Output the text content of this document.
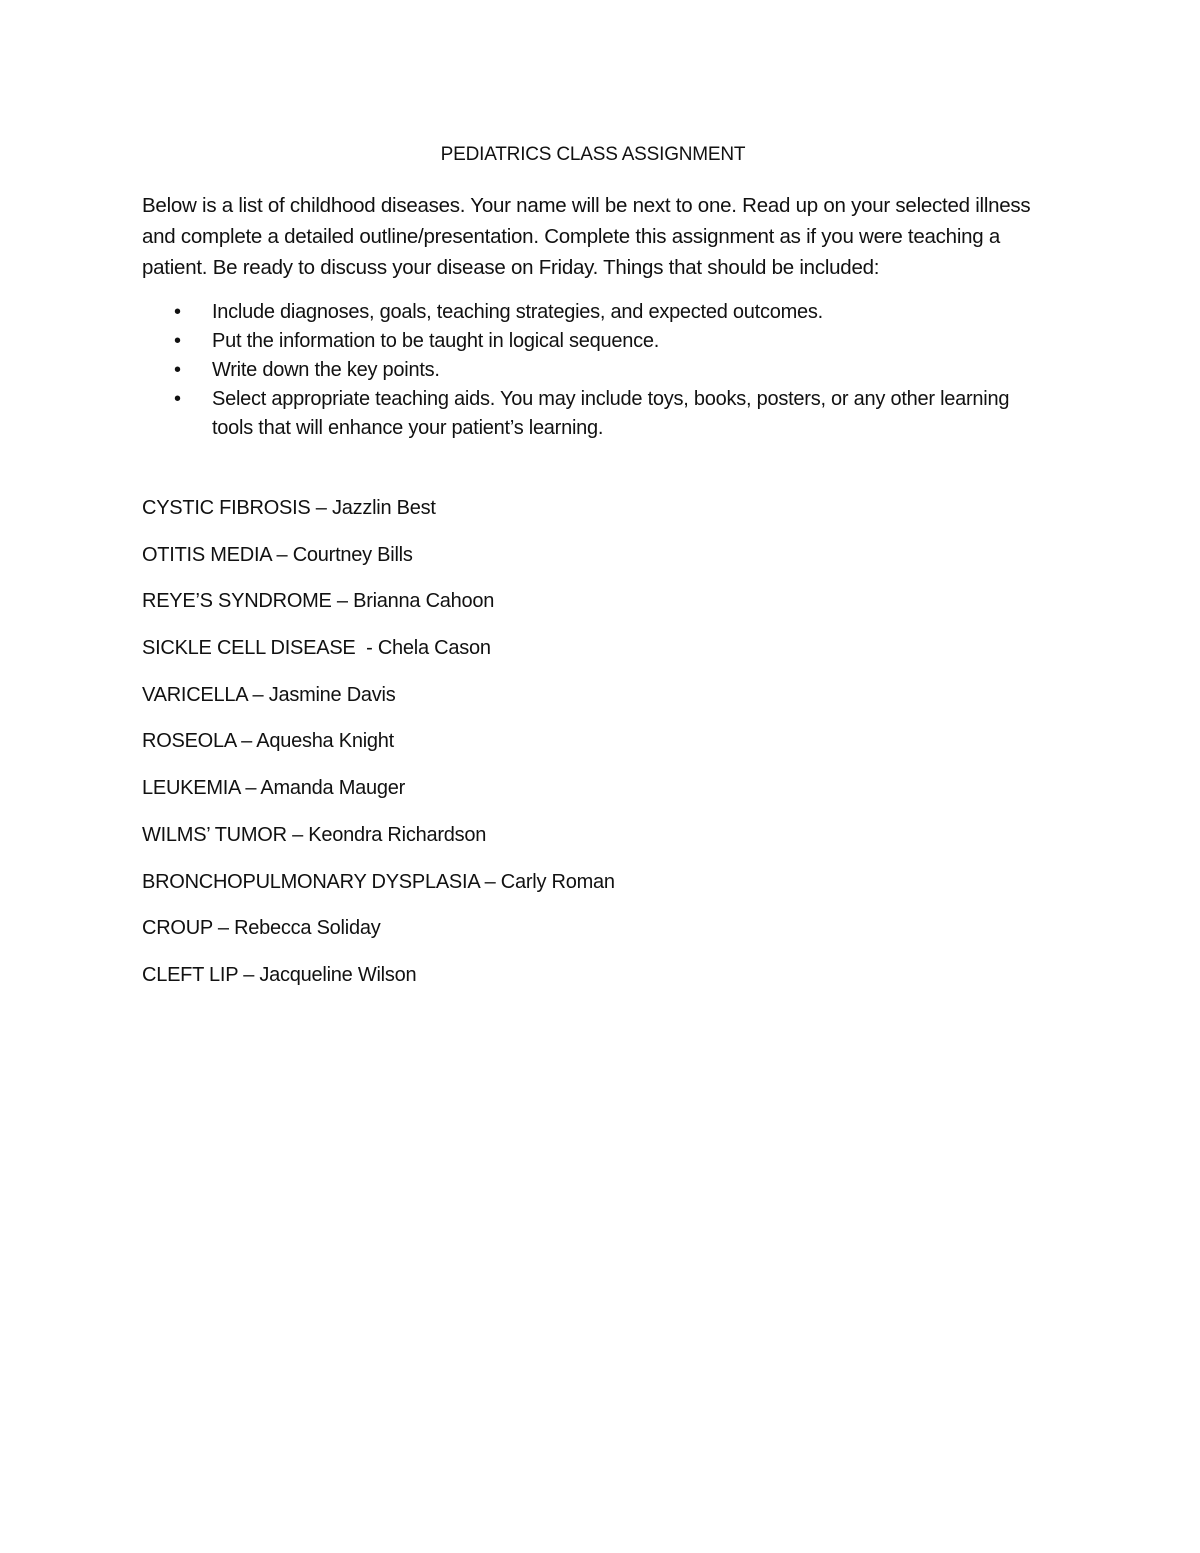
PEDIATRICS CLASS ASSIGNMENT

Below is a list of childhood diseases. Your name will be next to one. Read up on your selected illness and complete a detailed outline/presentation. Complete this assignment as if you were teaching a patient. Be ready to discuss your disease on Friday. Things that should be included:

• Include diagnoses, goals, teaching strategies, and expected outcomes.
• Put the information to be taught in logical sequence.
• Write down the key points.
• Select appropriate teaching aids. You may include toys, books, posters, or any other learning tools that will enhance your patient’s learning.
CYSTIC FIBROSIS – Jazzlin Best
OTITIS MEDIA – Courtney Bills
REYE’S SYNDROME – Brianna Cahoon
SICKLE CELL DISEASE  - Chela Cason
VARICELLA – Jasmine Davis
ROSEOLA – Aquesha Knight
LEUKEMIA – Amanda Mauger
WILMS’ TUMOR – Keondra Richardson
BRONCHOPULMONARY DYSPLASIA – Carly Roman
CROUP – Rebecca Soliday
CLEFT LIP – Jacqueline Wilson
